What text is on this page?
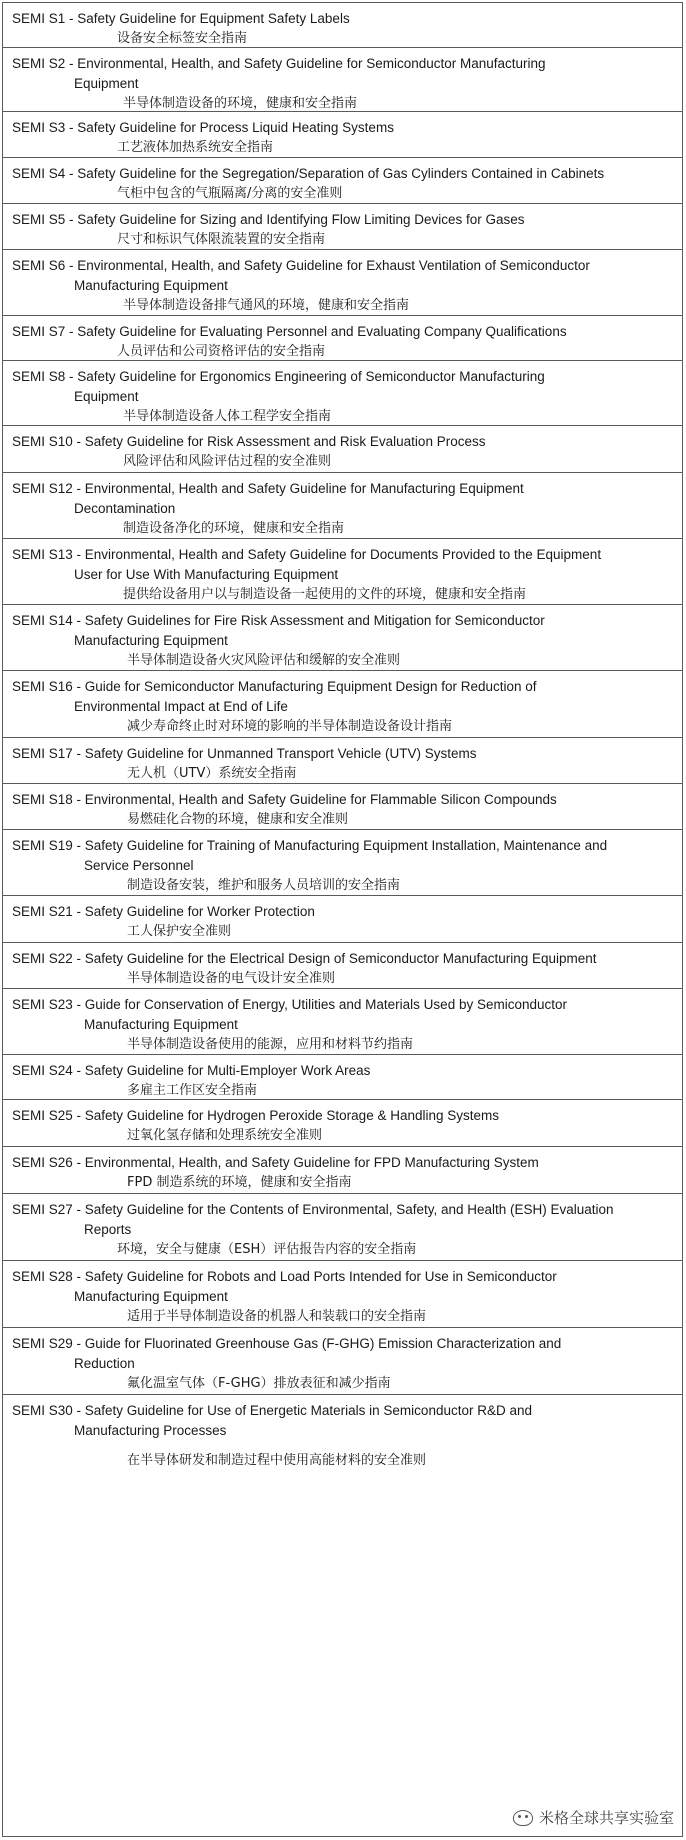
SEMI S1 - Safety Guideline for Equipment Safety Labels
设备安全标签安全指南
SEMI S2 - Environmental, Health, and Safety Guideline for Semiconductor Manufacturing
Equipment
半导体制造设备的环境，健康和安全指南
SEMI S3 - Safety Guideline for Process Liquid Heating Systems
工艺液体加热系统安全指南
SEMI S4 - Safety Guideline for the Segregation/Separation of Gas Cylinders Contained in Cabinets
气柜中包含的气瓶隔离/分离的安全准则
SEMI S5 - Safety Guideline for Sizing and Identifying Flow Limiting Devices for Gases
尺寸和标识气体限流装置的安全指南
SEMI S6 - Environmental, Health, and Safety Guideline for Exhaust Ventilation of Semiconductor
Manufacturing Equipment
半导体制造设备排气通风的环境，健康和安全指南
SEMI S7 - Safety Guideline for Evaluating Personnel and Evaluating Company Qualifications
人员评估和公司资格评估的安全指南
SEMI S8 - Safety Guideline for Ergonomics Engineering of Semiconductor Manufacturing
Equipment
半导体制造设备人体工程学安全指南
SEMI S10 - Safety Guideline for Risk Assessment and Risk Evaluation Process
风险评估和风险评估过程的安全准则
SEMI S12 - Environmental, Health and Safety Guideline for Manufacturing Equipment
Decontamination
制造设备净化的环境，健康和安全指南
SEMI S13 - Environmental, Health and Safety Guideline for Documents Provided to the Equipment
User for Use With Manufacturing Equipment
提供给设备用户以与制造设备一起使用的文件的环境，健康和安全指南
SEMI S14 - Safety Guidelines for Fire Risk Assessment and Mitigation for Semiconductor
Manufacturing Equipment
半导体制造设备火灾风险评估和缓解的安全准则
SEMI S16 - Guide for Semiconductor Manufacturing Equipment Design for Reduction of
Environmental Impact at End of Life
减少寿命终止时对环境的影响的半导体制造设备设计指南
SEMI S17 - Safety Guideline for Unmanned Transport Vehicle (UTV) Systems
无人机（UTV）系统安全指南
SEMI S18 - Environmental, Health and Safety Guideline for Flammable Silicon Compounds
易燃硅化合物的环境，健康和安全准则
SEMI S19 - Safety Guideline for Training of Manufacturing Equipment Installation, Maintenance and
Service Personnel
制造设备安装，维护和服务人员培训的安全指南
SEMI S21 - Safety Guideline for Worker Protection
工人保护安全准则
SEMI S22 - Safety Guideline for the Electrical Design of Semiconductor Manufacturing Equipment
半导体制造设备的电气设计安全准则
SEMI S23 - Guide for Conservation of Energy, Utilities and Materials Used by Semiconductor
Manufacturing Equipment
半导体制造设备使用的能源，应用和材料节约指南
SEMI S24 - Safety Guideline for Multi-Employer Work Areas
多雇主工作区安全指南
SEMI S25 - Safety Guideline for Hydrogen Peroxide Storage & Handling Systems
过氧化氢存储和处理系统安全准则
SEMI S26 - Environmental, Health, and Safety Guideline for FPD Manufacturing System
FPD 制造系统的环境，健康和安全指南
SEMI S27 - Safety Guideline for the Contents of Environmental, Safety, and Health (ESH) Evaluation
Reports
环境，安全与健康（ESH）评估报告内容的安全指南
SEMI S28 - Safety Guideline for Robots and Load Ports Intended for Use in Semiconductor
Manufacturing Equipment
适用于半导体制造设备的机器人和装载口的安全指南
SEMI S29 - Guide for Fluorinated Greenhouse Gas (F-GHG) Emission Characterization and
Reduction
氟化温室气体（F-GHG）排放表征和减少指南
SEMI S30 - Safety Guideline for Use of Energetic Materials in Semiconductor R&D and
Manufacturing Processes
在半导体研发和制造过程中使用高能材料的安全准则
米格全球共享实验室
